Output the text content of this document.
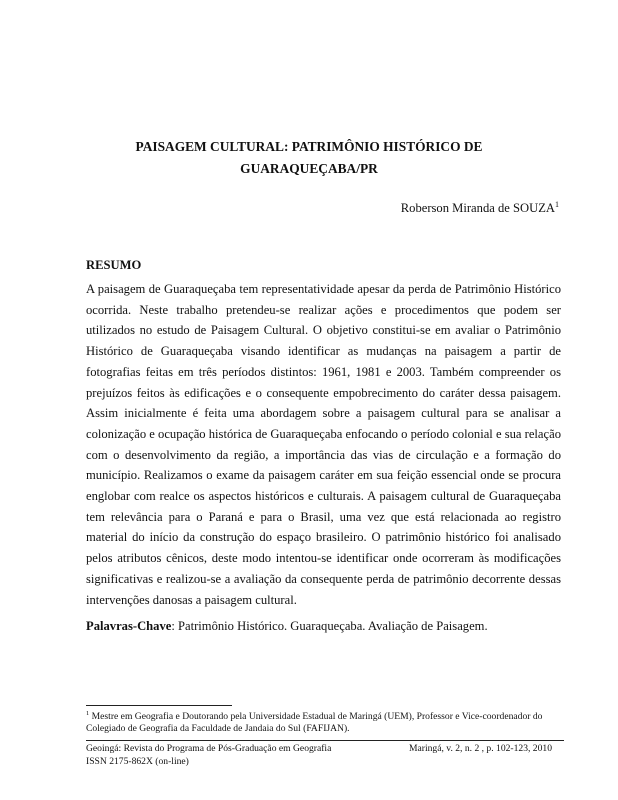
PAISAGEM CULTURAL: PATRIMÔNIO HISTÓRICO DE
GUARAQUEÇABA/PR
Roberson Miranda de SOUZA$^1$
RESUMO

A paisagem de Guaraqueçaba tem representatividade apesar da perda de Patrimônio Histórico ocorrida. Neste trabalho pretendeu-se realizar ações e procedimentos que podem ser utilizados no estudo de Paisagem Cultural. O objetivo constitui-se em avaliar o Patrimônio Histórico de Guaraqueçaba visando identificar as mudanças na paisagem a partir de fotografias feitas em três períodos distintos: 1961, 1981 e 2003. Também compreender os prejuízos feitos às edificações e o consequente empobrecimento do caráter dessa paisagem. Assim inicialmente é feita uma abordagem sobre a paisagem cultural para se analisar a colonização e ocupação histórica de Guaraqueçaba enfocando o período colonial e sua relação com o desenvolvimento da região, a importância das vias de circulação e a formação do município. Realizamos o exame da paisagem caráter em sua feição essencial onde se procura englobar com realce os aspectos históricos e culturais. A paisagem cultural de Guaraqueçaba tem relevância para o Paraná e para o Brasil, uma vez que está relacionada ao registro material do início da construção do espaço brasileiro. O patrimônio histórico foi analisado pelos atributos cênicos, deste modo intentou-se identificar onde ocorreram às modificações significativas e realizou-se a avaliação da consequente perda de patrimônio decorrente dessas intervenções danosas a paisagem cultural.

Palavras-Chave: Patrimônio Histórico. Guaraqueçaba. Avaliação de Paisagem.

$^1$ Mestre em Geografia e Doutorando pela Universidade Estadual de Maringá (UEM), Professor e Vice-coordenador do Colegiado de Geografia da Faculdade de Jandaia do Sul (FAFIJAN).

Geoingá: Revista do Programa de Pós-Graduação em Geografia	Maringá, v. 2, n. 2 , p. 102-123, 2010
ISSN 2175-862X (on-line)
